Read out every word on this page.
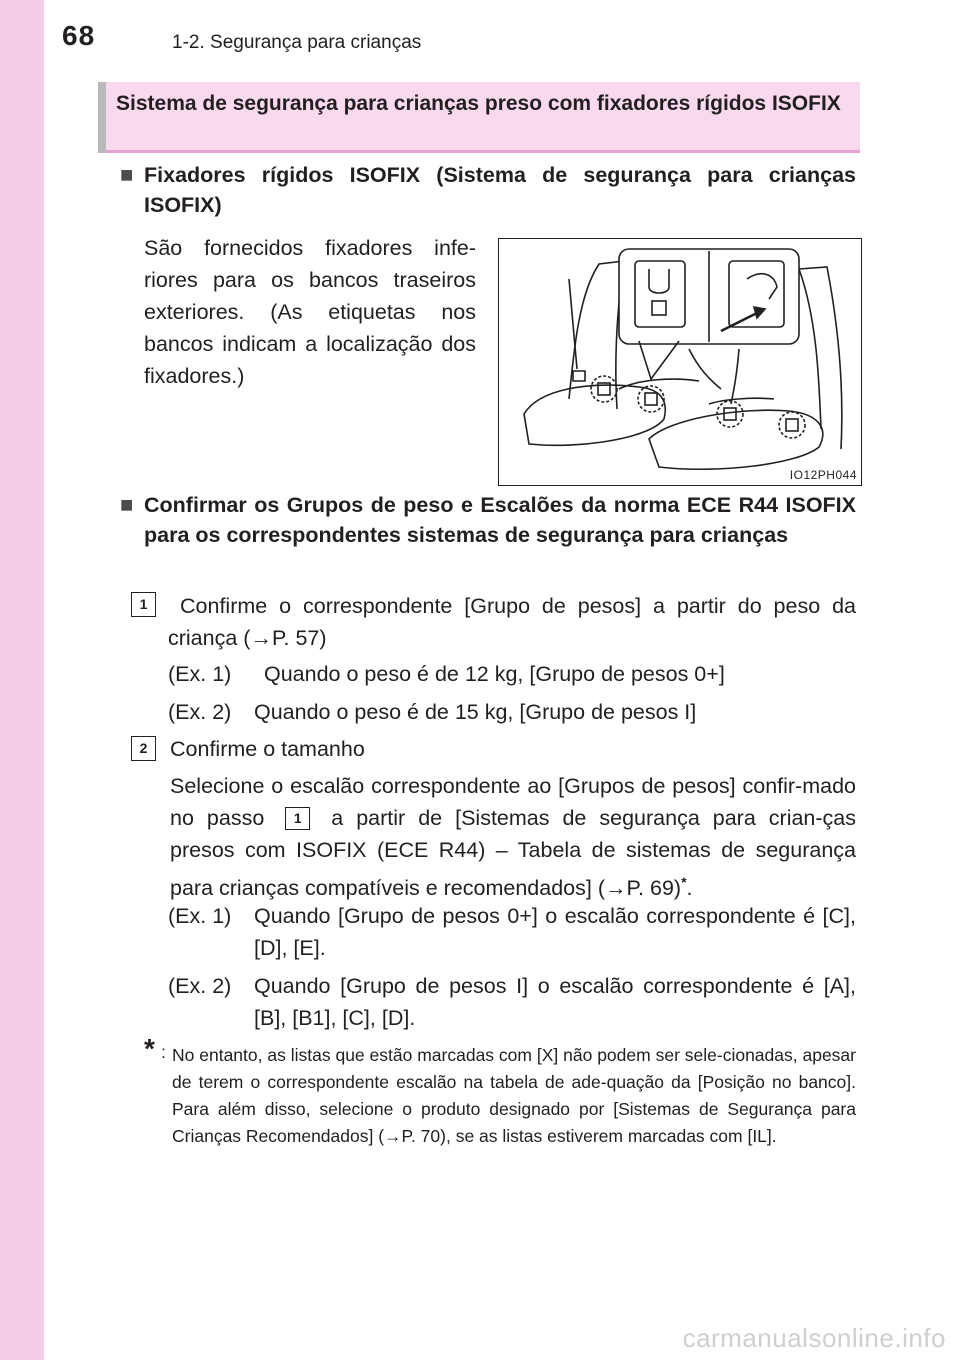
68	1-2. Segurança para crianças
Sistema de segurança para crianças preso com fixadores rígidos ISOFIX
■ Fixadores rígidos ISOFIX (Sistema de segurança para crianças ISOFIX)
São fornecidos fixadores infe-riores para os bancos traseiros exteriores. (As etiquetas nos bancos indicam a localização dos fixadores.)
IO12PH044
■ Confirmar os Grupos de peso e Escalões da norma ECE R44 ISOFIX para os correspondentes sistemas de segurança para crianças
1	Confirme o correspondente [Grupo de pesos] a partir do peso da criança (→P. 57)
(Ex. 1) Quando o peso é de 12 kg, [Grupo de pesos 0+]
(Ex. 2) Quando o peso é de 15 kg, [Grupo de pesos I]
2	Confirme o tamanho
Selecione o escalão correspondente ao [Grupos de pesos] confir-mado no passo 1 a partir de [Sistemas de segurança para crian-ças presos com ISOFIX (ECE R44) – Tabela de sistemas de segurança para crianças compatíveis e recomendados] (→P. 69)*.
(Ex. 1) Quando [Grupo de pesos 0+] o escalão correspondente é [C], [D], [E].
(Ex. 2) Quando [Grupo de pesos I] o escalão correspondente é [A], [B], [B1], [C], [D].
* : No entanto, as listas que estão marcadas com [X] não podem ser sele-cionadas, apesar de terem o correspondente escalão na tabela de ade-quação da [Posição no banco]. Para além disso, selecione o produto designado por [Sistemas de Segurança para Crianças Recomendados] (→P. 70), se as listas estiverem marcadas com [IL].
carmanualsonline.info
